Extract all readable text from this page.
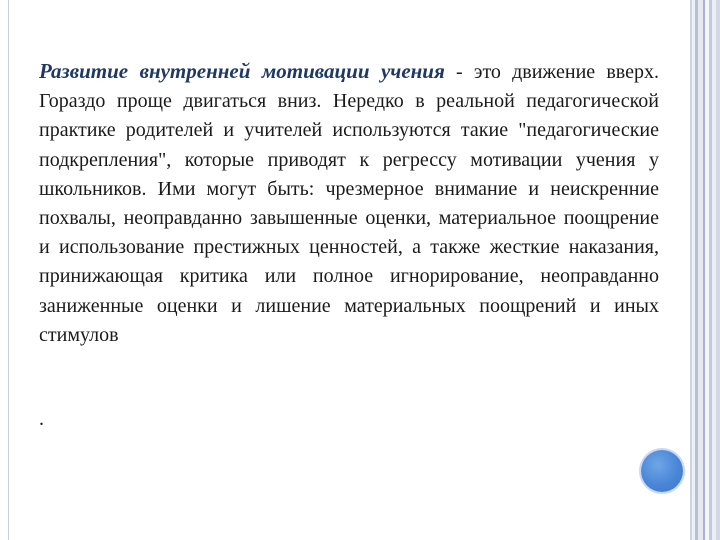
Развитие внутренней мотивации учения - это движение вверх. Гораздо проще двигаться вниз. Нередко в реальной педагогической практике родителей и учителей используются такие "педагогические подкрепления", которые приводят к регрессу мотивации учения у школьников. Ими могут быть: чрезмерное внимание и неискренние похвалы, неоправданно завышенные оценки, материальное поощрение и использование престижных ценностей, а также жесткие наказания, принижающая критика или полное игнорирование, неоправданно заниженные оценки и лишение материальных поощрений и иных стимулов
.
